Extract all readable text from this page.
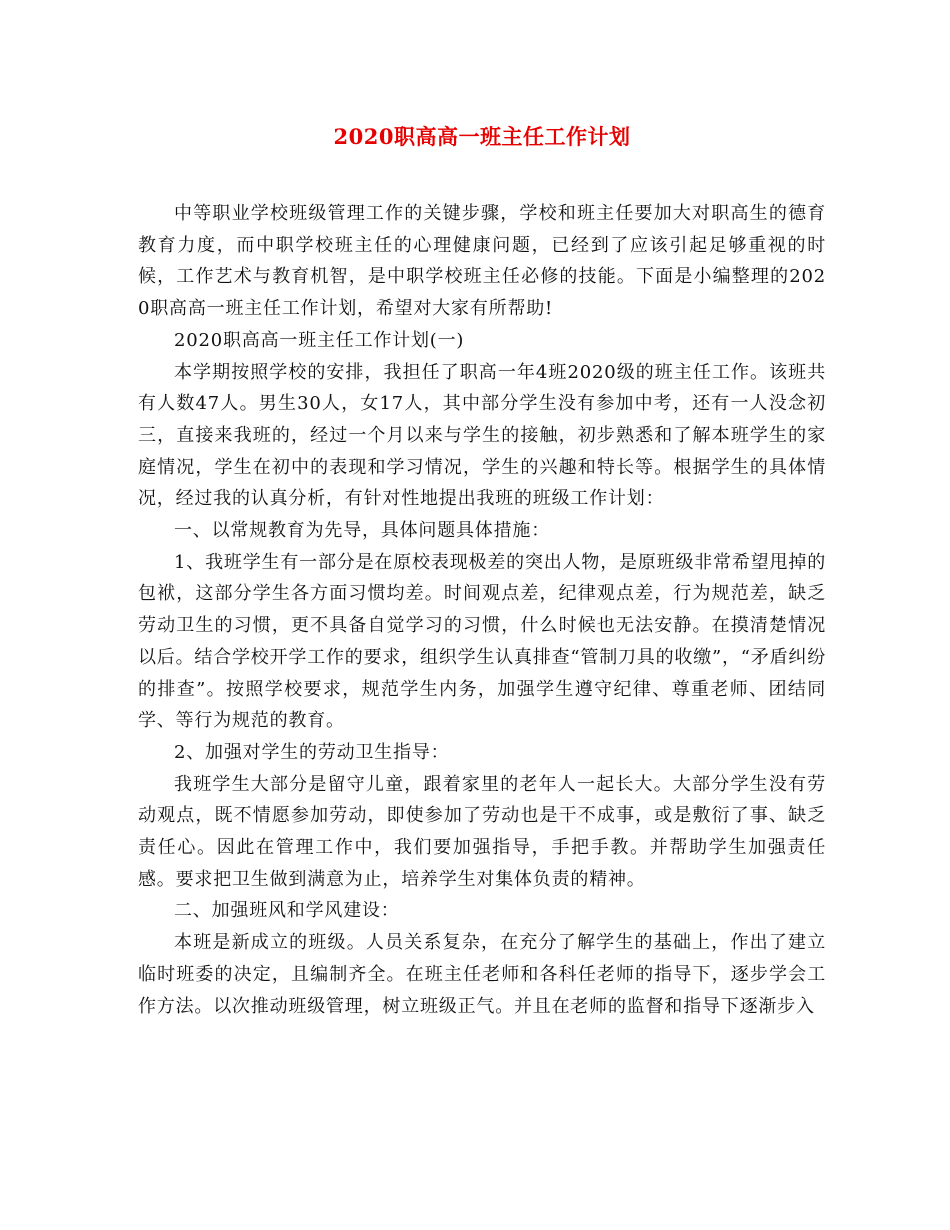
2020职高高一班主任工作计划

中等职业学校班级管理工作的关键步骤，学校和班主任要加大对职高生的德育教育力度，而中职学校班主任的心理健康问题，已经到了应该引起足够重视的时候，工作艺术与教育机智，是中职学校班主任必修的技能。下面是小编整理的2020职高高一班主任工作计划，希望对大家有所帮助!

2020职高高一班主任工作计划(一)

本学期按照学校的安排，我担任了职高一年4班2020级的班主任工作。该班共有人数47人。男生30人，女17人，其中部分学生没有参加中考，还有一人没念初三，直接来我班的，经过一个月以来与学生的接触，初步熟悉和了解本班学生的家庭情况，学生在初中的表现和学习情况，学生的兴趣和特长等。根据学生的具体情况，经过我的认真分析，有针对性地提出我班的班级工作计划：

一、以常规教育为先导，具体问题具体措施：

1、我班学生有一部分是在原校表现极差的突出人物，是原班级非常希望甩掉的包袱，这部分学生各方面习惯均差。时间观点差，纪律观点差，行为规范差，缺乏劳动卫生的习惯，更不具备自觉学习的习惯，什么时候也无法安静。在摸清楚情况以后。结合学校开学工作的要求，组织学生认真排查“管制刀具的收缴”，“矛盾纠纷的排查”。按照学校要求，规范学生内务，加强学生遵守纪律、尊重老师、团结同学、等行为规范的教育。

2、加强对学生的劳动卫生指导：

我班学生大部分是留守儿童，跟着家里的老年人一起长大。大部分学生没有劳动观点，既不情愿参加劳动，即使参加了劳动也是干不成事，或是敷衍了事、缺乏责任心。因此在管理工作中，我们要加强指导，手把手教。并帮助学生加强责任感。要求把卫生做到满意为止，培养学生对集体负责的精神。

二、加强班风和学风建设：

本班是新成立的班级。人员关系复杂，在充分了解学生的基础上，作出了建立临时班委的决定，且编制齐全。在班主任老师和各科任老师的指导下，逐步学会工作方法。以次推动班级管理，树立班级正气。并且在老师的监督和指导下逐渐步入
